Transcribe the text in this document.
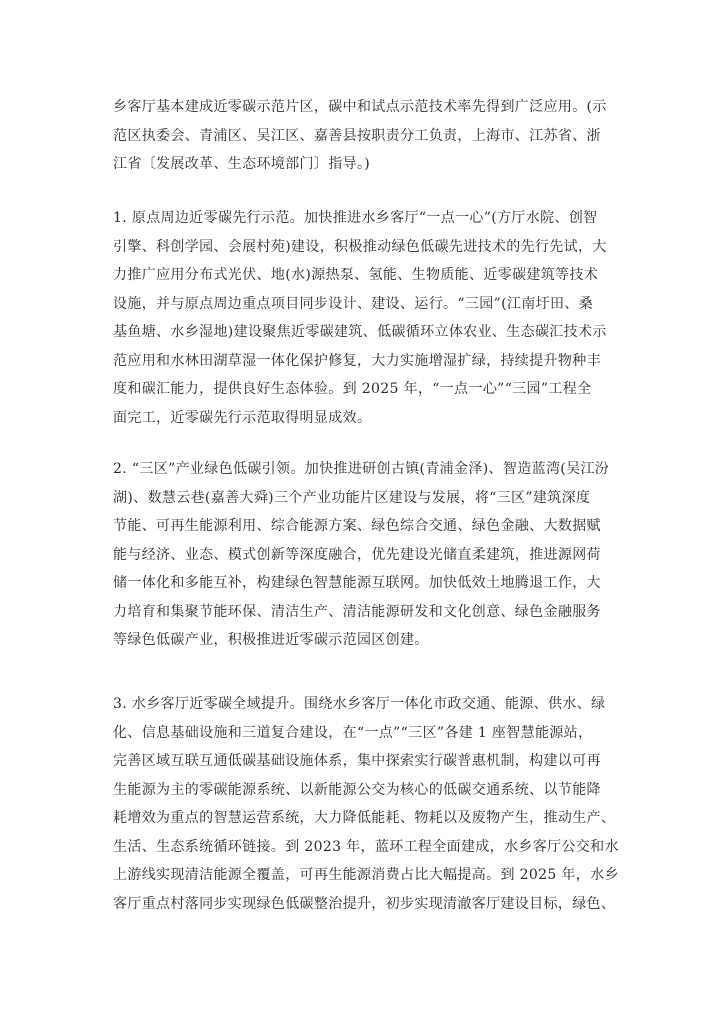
乡客厅基本建成近零碳示范片区，碳中和试点示范技术率先得到广泛应用。(示
范区执委会、青浦区、吴江区、嘉善县按职责分工负责，上海市、江苏省、浙
江省〔发展改革、生态环境部门〕指导。)
1. 原点周边近零碳先行示范。加快推进水乡客厅“一点一心”(方厅水院、创智
引擎、科创学园、会展村苑)建设，积极推动绿色低碳先进技术的先行先试，大
力推广应用分布式光伏、地(水)源热泵、氢能、生物质能、近零碳建筑等技术
设施，并与原点周边重点项目同步设计、建设、运行。“三园”(江南圩田、桑
基鱼塘、水乡湿地)建设聚焦近零碳建筑、低碳循环立体农业、生态碳汇技术示
范应用和水林田湖草湿一体化保护修复，大力实施增湿扩绿，持续提升物种丰
度和碳汇能力，提供良好生态体验。到 2025 年，“一点一心”“三园”工程全
面完工，近零碳先行示范取得明显成效。
2. “三区”产业绿色低碳引领。加快推进研创古镇(青浦金泽)、智造蓝湾(吴江汾
湖)、数慧云巷(嘉善大舜)三个产业功能片区建设与发展，将“三区”建筑深度
节能、可再生能源利用、综合能源方案、绿色综合交通、绿色金融、大数据赋
能与经济、业态、模式创新等深度融合，优先建设光储直柔建筑，推进源网荷
储一体化和多能互补，构建绿色智慧能源互联网。加快低效土地腾退工作，大
力培育和集聚节能环保、清洁生产、清洁能源研发和文化创意、绿色金融服务
等绿色低碳产业，积极推进近零碳示范园区创建。
3. 水乡客厅近零碳全域提升。围绕水乡客厅一体化市政交通、能源、供水、绿
化、信息基础设施和三道复合建设，在“一点”“三区”各建 1 座智慧能源站，
完善区域互联互通低碳基础设施体系，集中探索实行碳普惠机制，构建以可再
生能源为主的零碳能源系统、以新能源公交为核心的低碳交通系统、以节能降
耗增效为重点的智慧运营系统，大力降低能耗、物耗以及废物产生，推动生产、
生活、生态系统循环链接。到 2023 年，蓝环工程全面建成，水乡客厅公交和水
上游线实现清洁能源全覆盖，可再生能源消费占比大幅提高。到 2025 年，水乡
客厅重点村落同步实现绿色低碳整治提升，初步实现清澈客厅建设目标，绿色、
